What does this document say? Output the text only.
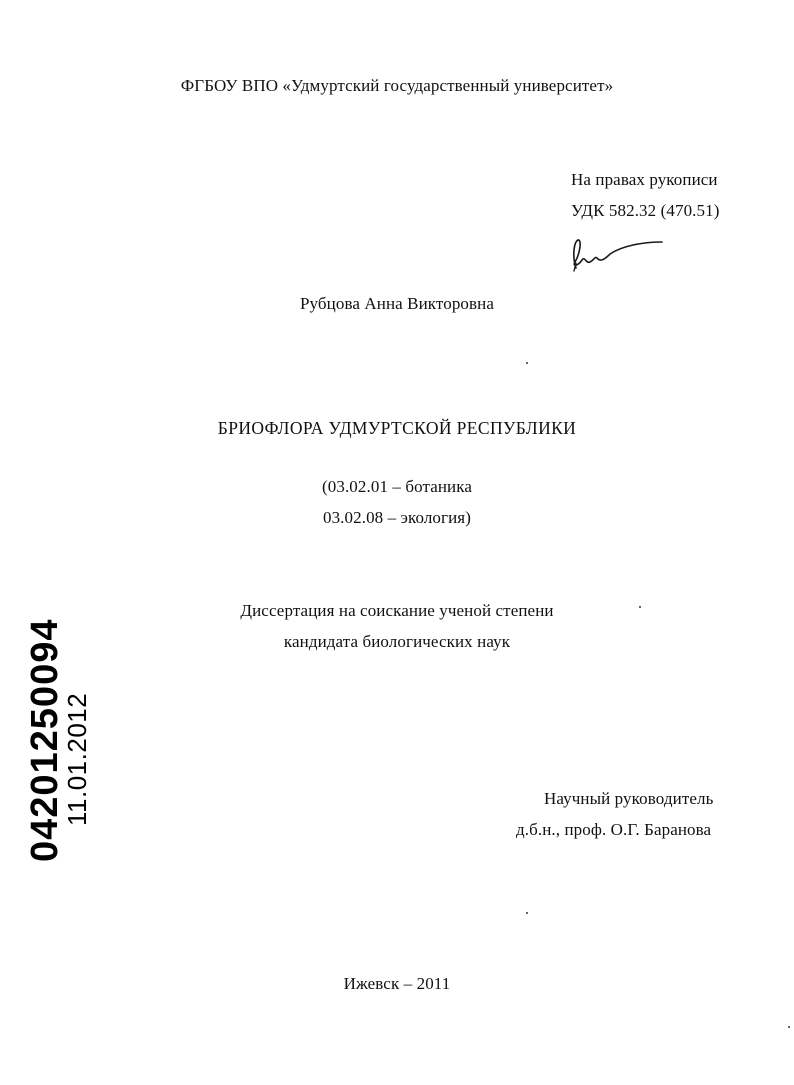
ФГБОУ ВПО «Удмуртский государственный университет»
На правах рукописи
УДК 582.32 (470.51)
Рубцова Анна Викторовна
БРИОФЛОРА УДМУРТСКОЙ РЕСПУБЛИКИ
(03.02.01 – ботаника
03.02.08 – экология)
Диссертация на соискание ученой степени
кандидата биологических наук
Научный руководитель
д.б.н., проф. О.Г. Баранова
Ижевск – 2011
04201250094
11.01.2012
